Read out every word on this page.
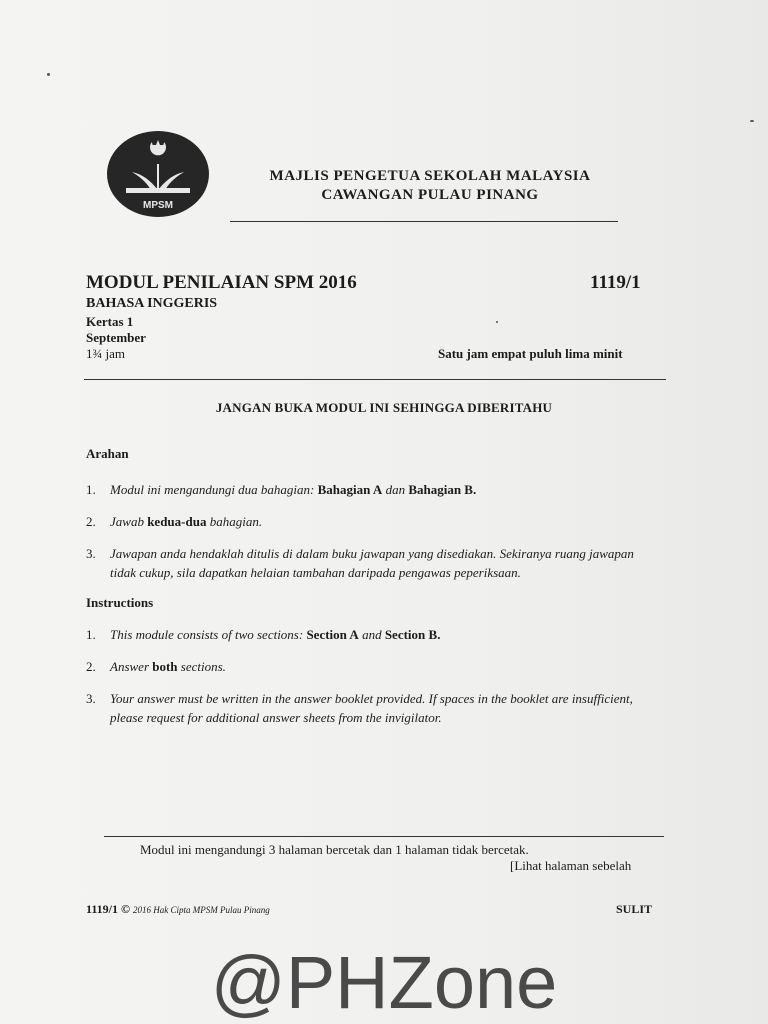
MPSM
MAJLIS PENGETUA SEKOLAH MALAYSIA
CAWANGAN PULAU PINANG
MODUL PENILAIAN SPM 2016	1119/1
BAHASA INGGERIS
Kertas 1
September
1¾ jam	Satu jam empat puluh lima minit
JANGAN BUKA MODUL INI SEHINGGA DIBERITAHU
Arahan
1. Modul ini mengandungi dua bahagian: Bahagian A dan Bahagian B.
2. Jawab kedua-dua bahagian.
3. Jawapan anda hendaklah ditulis di dalam buku jawapan yang disediakan. Sekiranya ruang jawapan tidak cukup, sila dapatkan helaian tambahan daripada pengawas peperiksaan.
Instructions
1. This module consists of two sections: Section A and Section B.
2. Answer both sections.
3. Your answer must be written in the answer booklet provided. If spaces in the booklet are insufficient, please request for additional answer sheets from the invigilator.
Modul ini mengandungi 3 halaman bercetak dan 1 halaman tidak bercetak.
[Lihat halaman sebelah
1119/1 © 2016 Hak Cipta MPSM Pulau Pinang	SULIT
@PHZone
